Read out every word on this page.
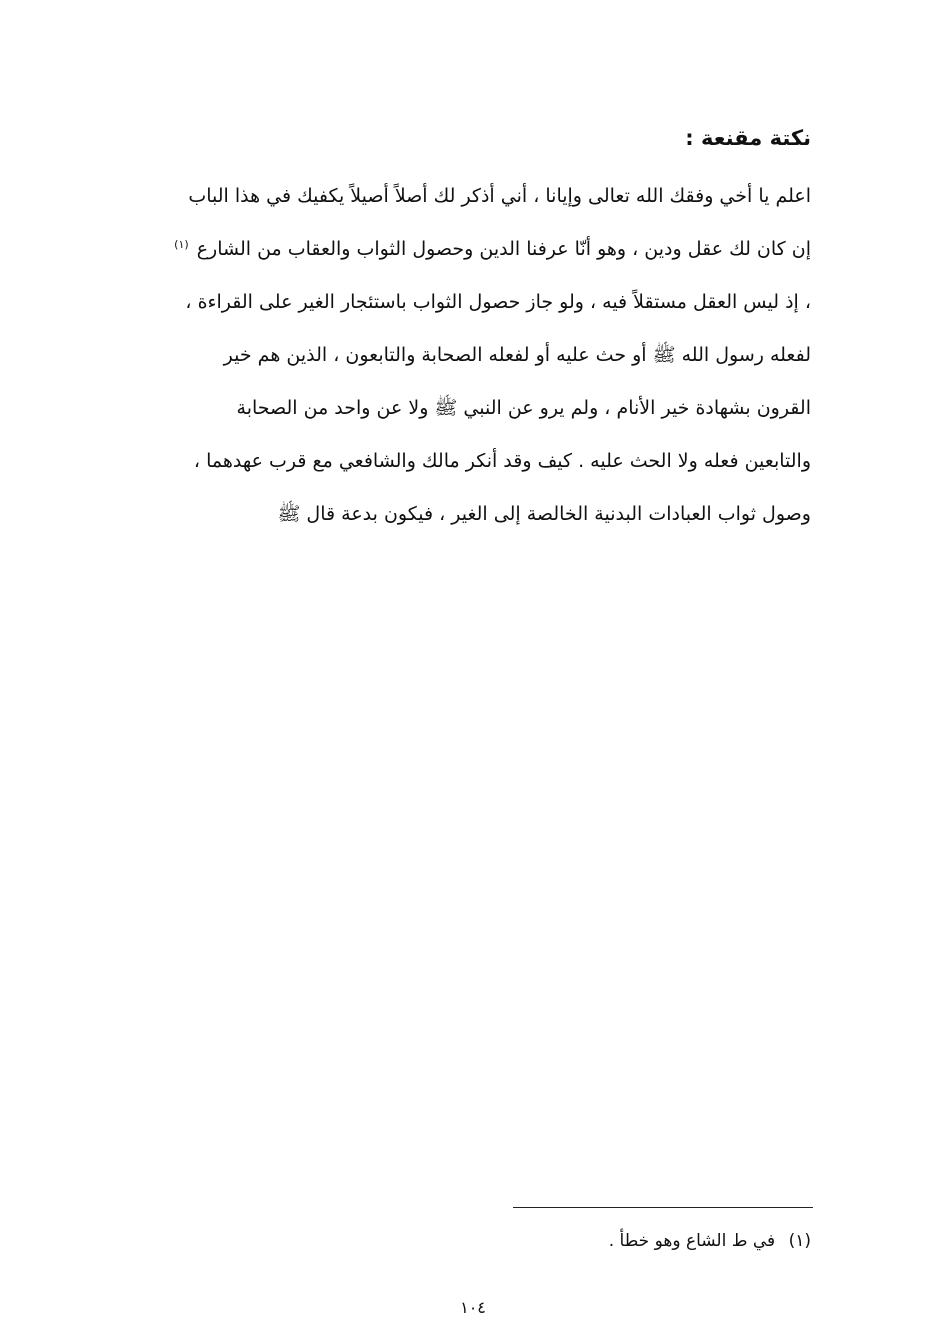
نكتة مقنعة :
اعلم يا أخي وفقك الله تعالى وإيانا ، أني أذكر لك أصلاً أصيلاً يكفيك في هذا الباب
إن كان لك عقل ودين ، وهو أنّا عرفنا الدين وحصول الثواب والعقاب من الشارع $^{(١)}$
، إذ ليس العقل مستقلاً فيه ، ولو جاز حصول الثواب باستئجار الغير على القراءة ،
لفعله رسول الله ﷺ أو حث عليه أو لفعله الصحابة والتابعون ، الذين هم خير
القرون بشهادة خير الأنام ، ولم يرو عن النبي ﷺ ولا عن واحد من الصحابة
والتابعين فعله ولا الحث عليه . كيف وقد أنكر مالك والشافعي مع قرب عهدهما ،
وصول ثواب العبادات البدنية الخالصة إلى الغير ، فيكون بدعة قال ﷺ
(١) في ط الشاع وهو خطأ .
١٠٤
